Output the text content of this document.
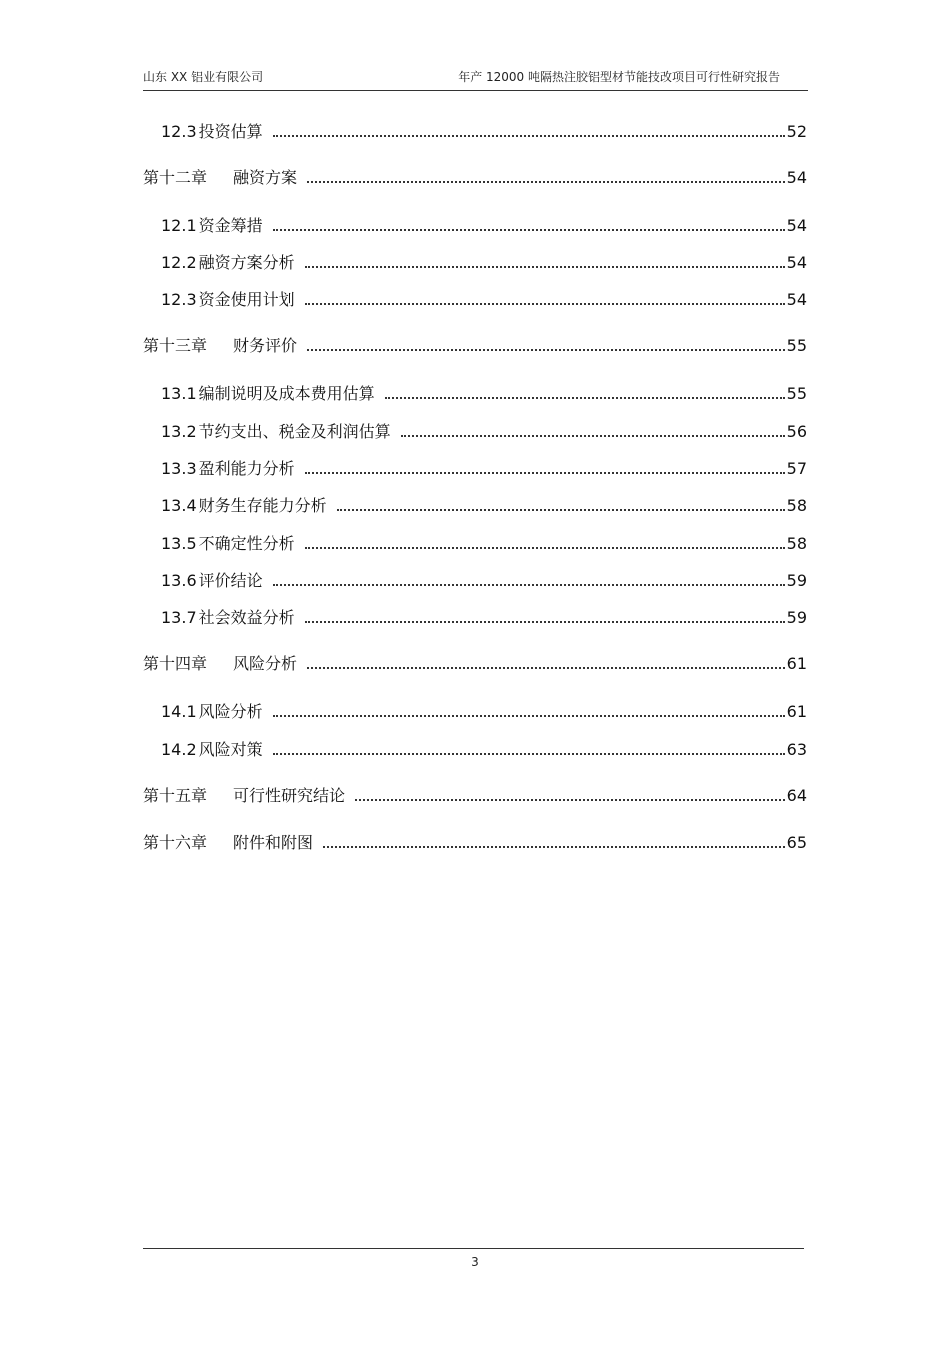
山东 XX 铝业有限公司	年产 12000 吨隔热注胶铝型材节能技改项目可行性研究报告
12.3 投资估算	52
第十二章 融资方案	54
12.1 资金筹措	54
12.2 融资方案分析	54
12.3 资金使用计划	54
第十三章 财务评价	55
13.1 编制说明及成本费用估算	55
13.2 节约支出、税金及利润估算	56
13.3 盈利能力分析	57
13.4 财务生存能力分析	58
13.5 不确定性分析	58
13.6 评价结论	59
13.7 社会效益分析	59
第十四章 风险分析	61
14.1 风险分析	61
14.2 风险对策	63
第十五章 可行性研究结论	64
第十六章 附件和附图	65
3
